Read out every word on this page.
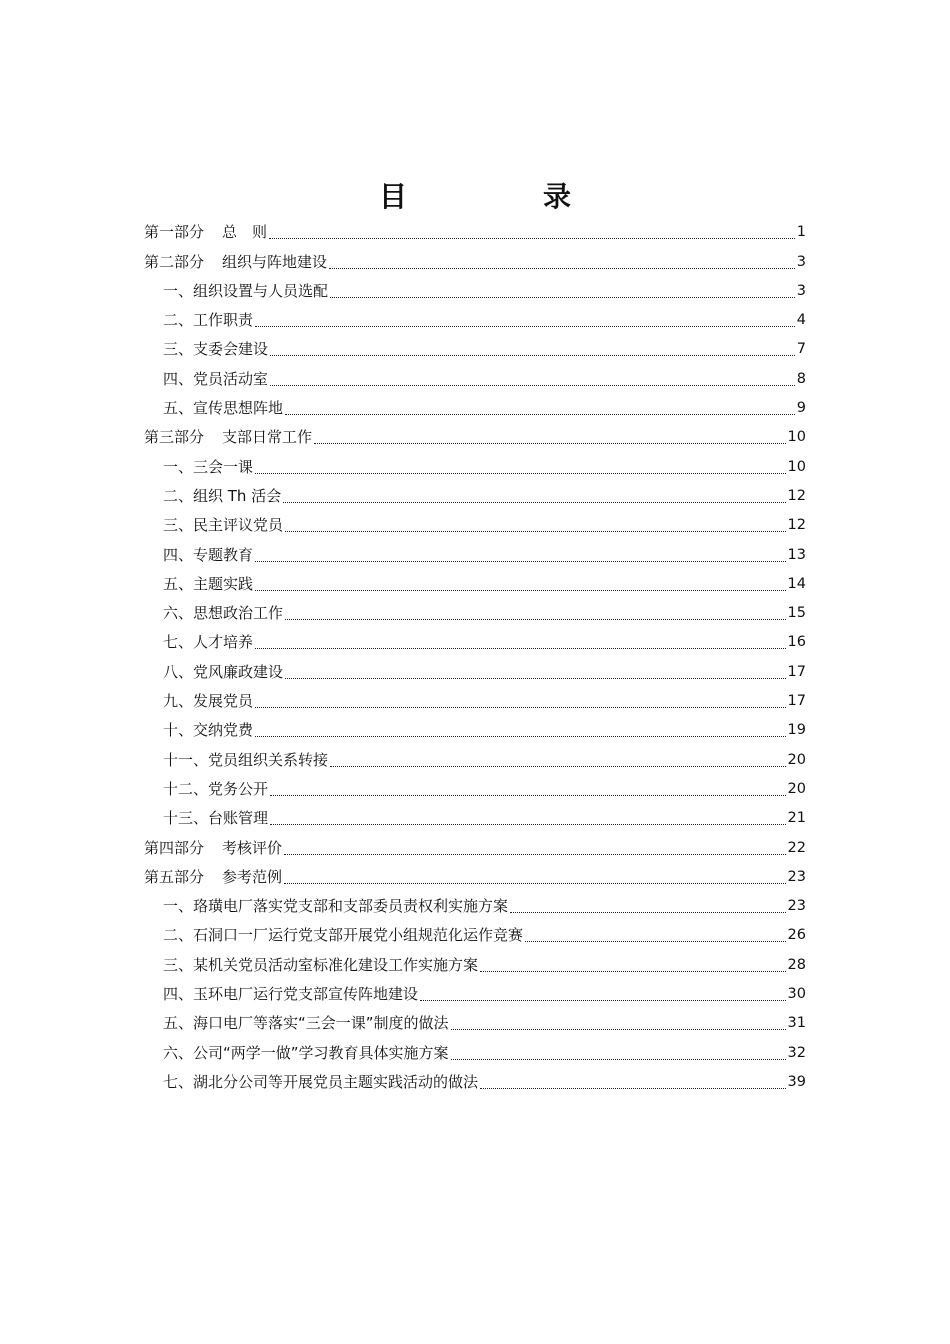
目　录
第一部分 总　则	1
第二部分 组织与阵地建设	3
一、组织设置与人员选配	3
二、工作职责	4
三、支委会建设	7
四、党员活动室	8
五、宣传思想阵地	9
第三部分 支部日常工作	10
一、三会一课	10
二、组织 Th 活会	12
三、民主评议党员	12
四、专题教育	13
五、主题实践	14
六、思想政治工作	15
七、人才培养	16
八、党风廉政建设	17
九、发展党员	17
十、交纳党费	19
十一、党员组织关系转接	20
十二、党务公开	20
十三、台账管理	21
第四部分 考核评价	22
第五部分 参考范例	23
一、珞璜电厂落实党支部和支部委员责权利实施方案	23
二、石洞口一厂运行党支部开展党小组规范化运作竞赛	26
三、某机关党员活动室标准化建设工作实施方案	28
四、玉环电厂运行党支部宣传阵地建设	30
五、海口电厂等落实“三会一课”制度的做法	31
六、公司“两学一做”学习教育具体实施方案	32
七、湖北分公司等开展党员主题实践活动的做法	39
